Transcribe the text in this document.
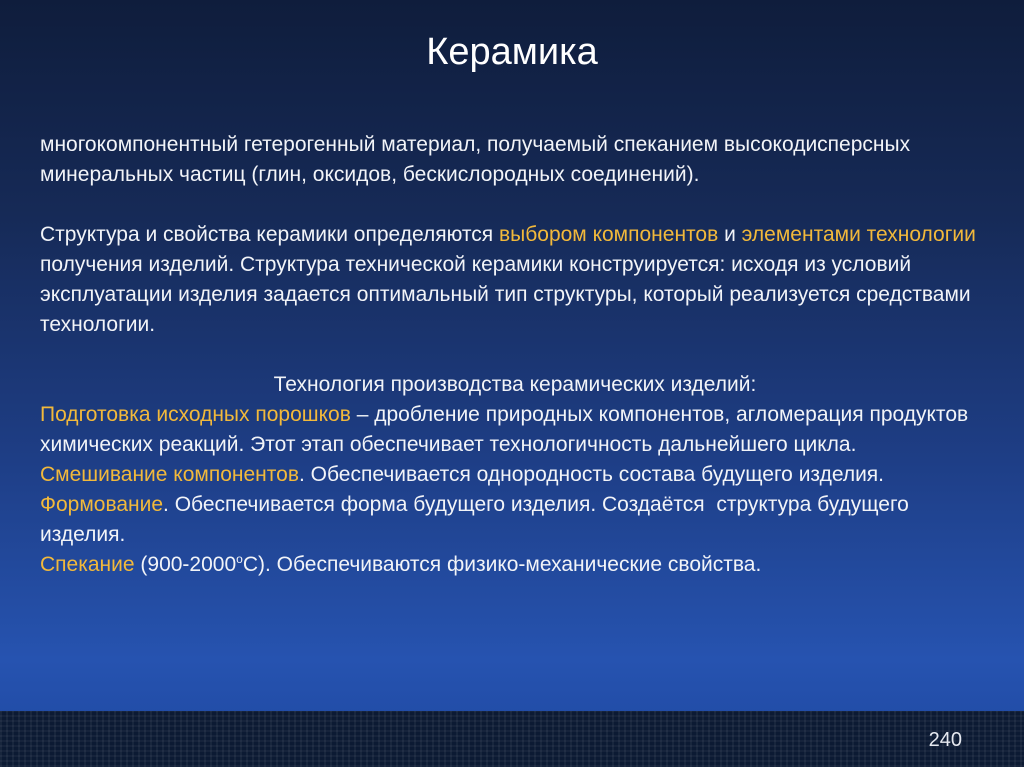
Керамика

многокомпонентный гетерогенный материал, получаемый спеканием высокодисперсных минеральных частиц (глин, оксидов, бескислородных соединений).

Структура и свойства керамики определяются выбором компонентов и элементами технологии получения изделий. Структура технической керамики конструируется: исходя из условий эксплуатации изделия задается оптимальный тип структуры, который реализуется средствами технологии.

Технология производства керамических изделий:

Подготовка исходных порошков – дробление природных компонентов, агломерация продуктов химических реакций. Этот этап обеспечивает технологичность дальнейшего цикла.

Смешивание компонентов. Обеспечивается однородность состава будущего изделия.

Формование. Обеспечивается форма будущего изделия. Создаётся  структура будущего изделия.

Спекание (900-2000$^o$С). Обеспечиваются физико-механические свойства.

240
